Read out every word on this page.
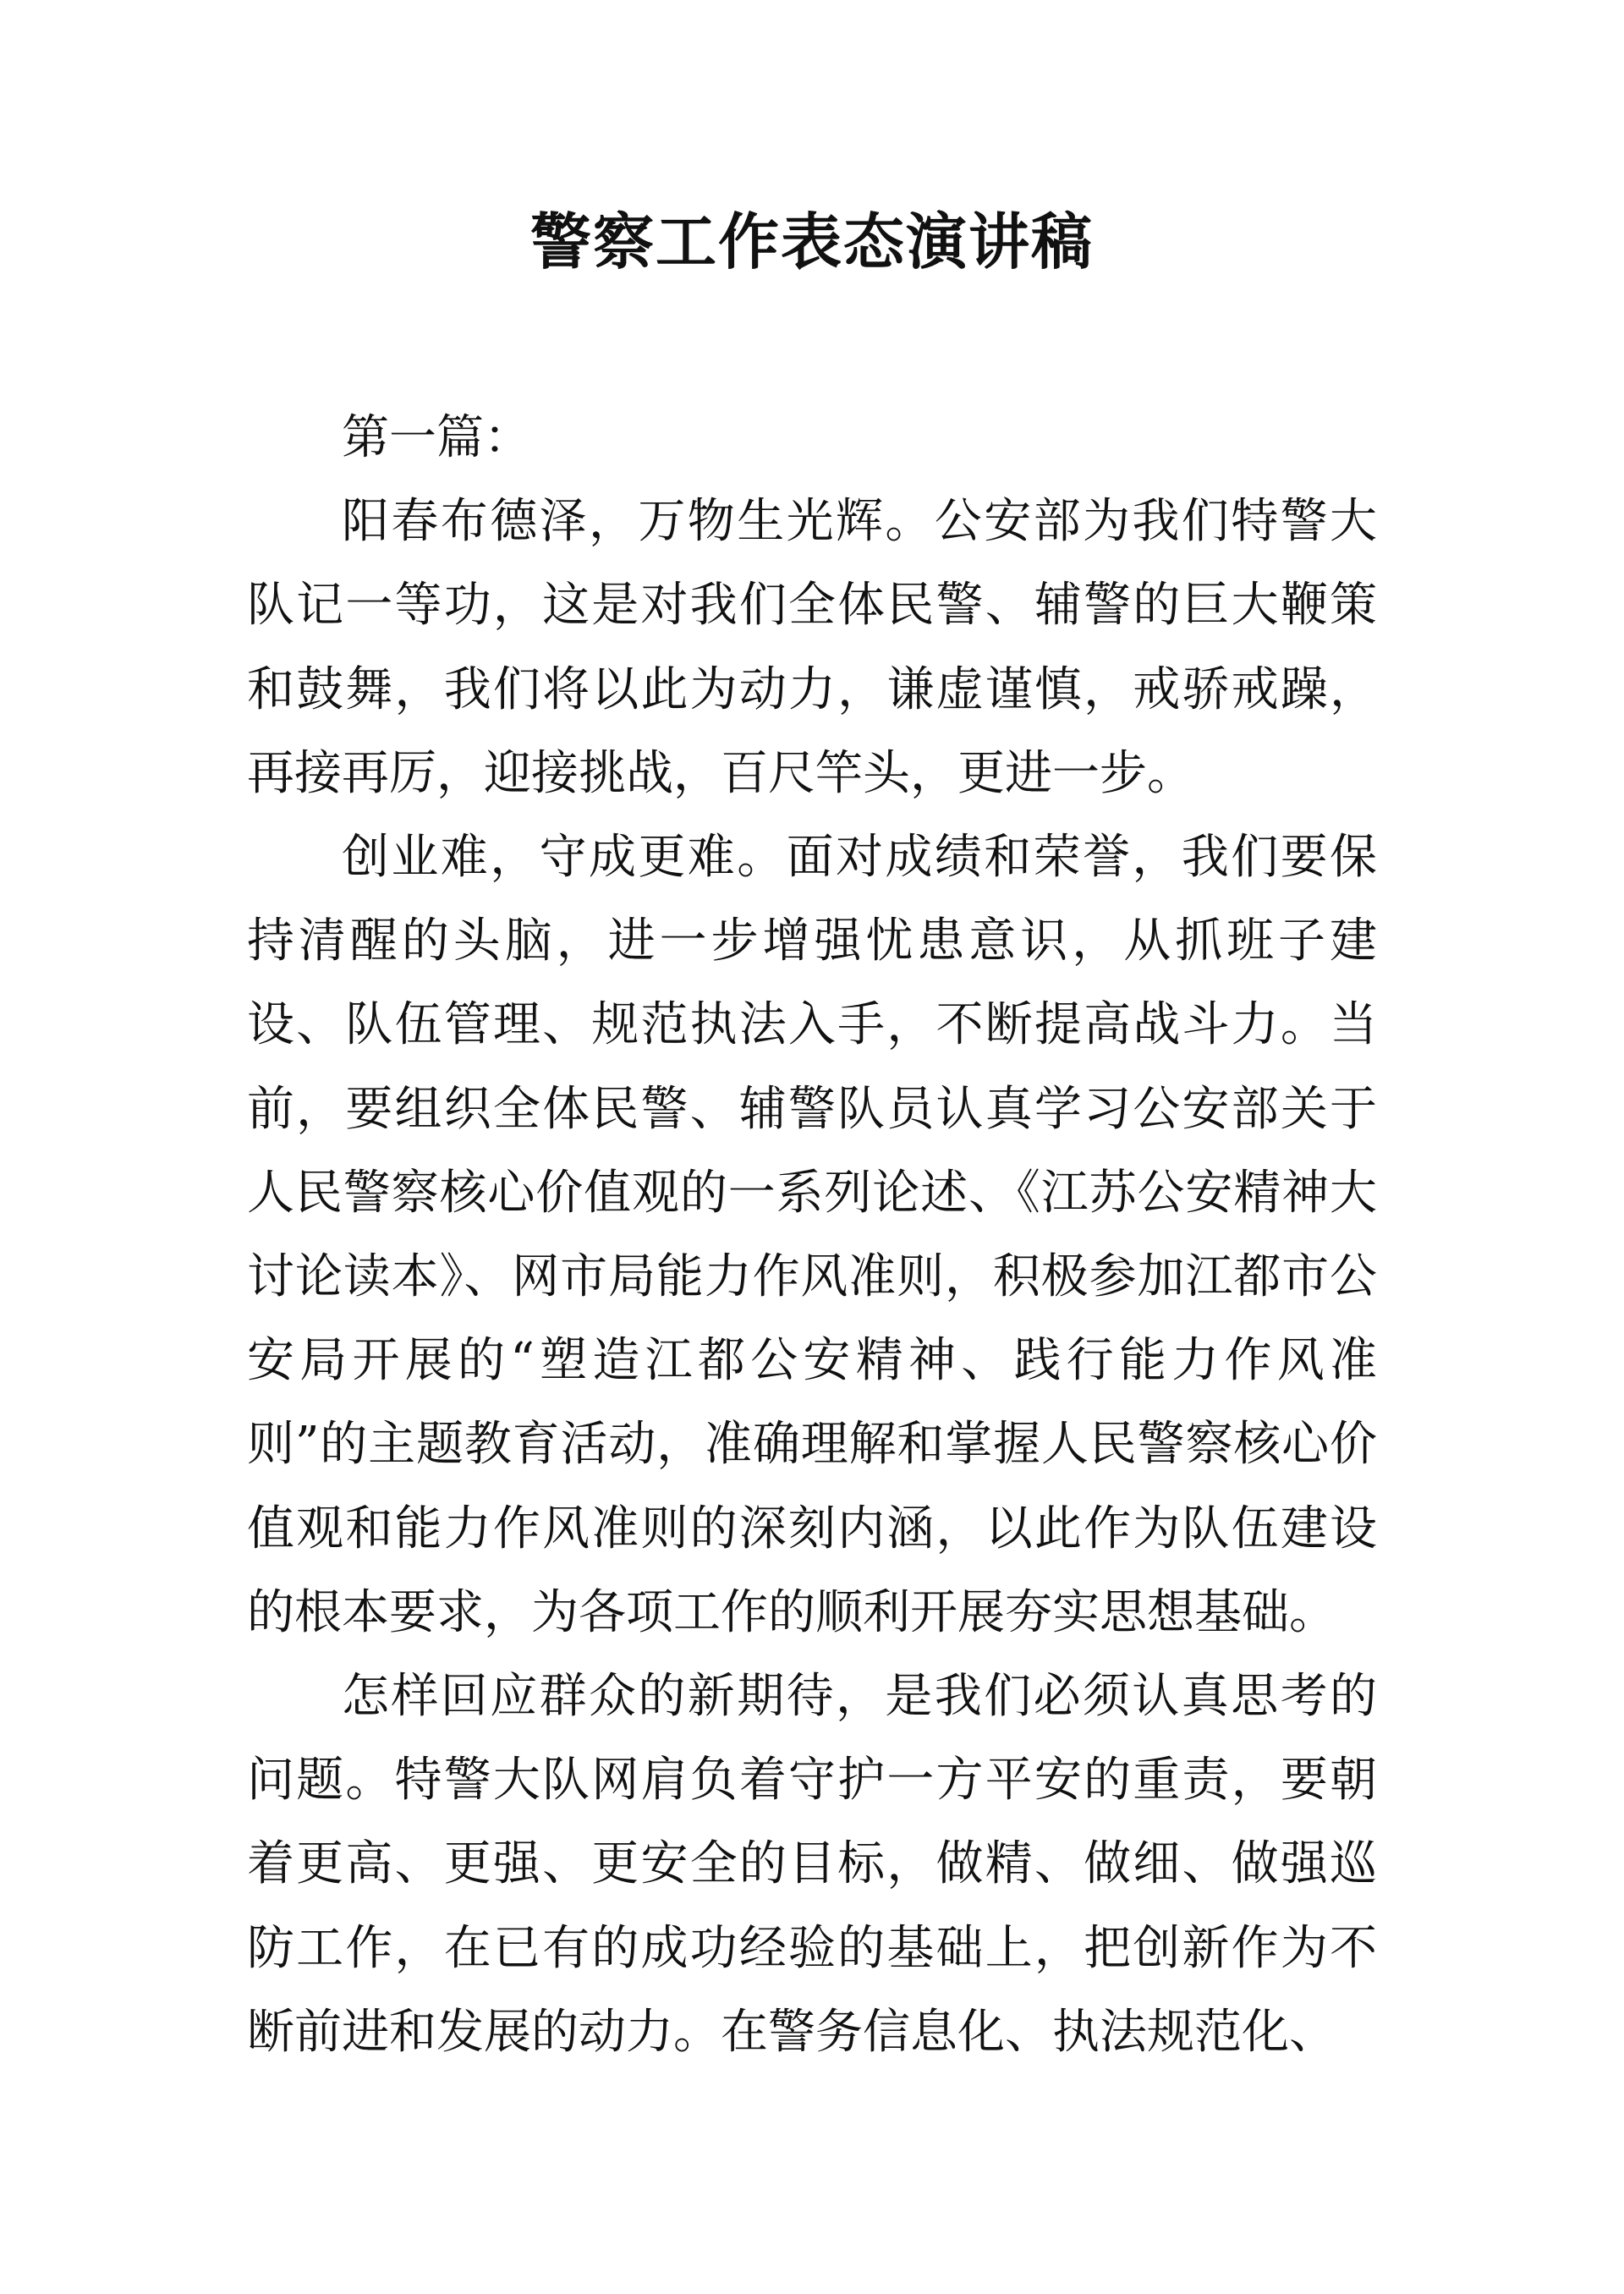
警察工作表态演讲稿

第一篇：

阳春布德泽，万物生光辉。公安部为我们特警大队记一等功，这是对我们全体民警、辅警的巨大鞭策和鼓舞，我们将以此为动力，谦虚谨慎，戒骄戒躁，再接再厉，迎接挑战，百尺竿头，更进一步。

创业难，守成更难。面对成绩和荣誉，我们要保持清醒的头脑，进一步增强忧患意识，从抓班子建设、队伍管理、规范执法入手，不断提高战斗力。当前，要组织全体民警、辅警队员认真学习公安部关于人民警察核心价值观的一系列论述、《江苏公安精神大讨论读本》、网市局能力作风准则，积极参加江都市公安局开展的“塑造江都公安精神、践行能力作风准则”的主题教育活动，准确理解和掌握人民警察核心价值观和能力作风准则的深刻内涵，以此作为队伍建设的根本要求，为各项工作的顺利开展夯实思想基础。

怎样回应群众的新期待，是我们必须认真思考的问题。特警大队网肩负着守护一方平安的重责，要朝着更高、更强、更安全的目标，做精、做细、做强巡防工作，在已有的成功经验的基础上，把创新作为不断前进和发展的动力。在警务信息化、执法规范化、
